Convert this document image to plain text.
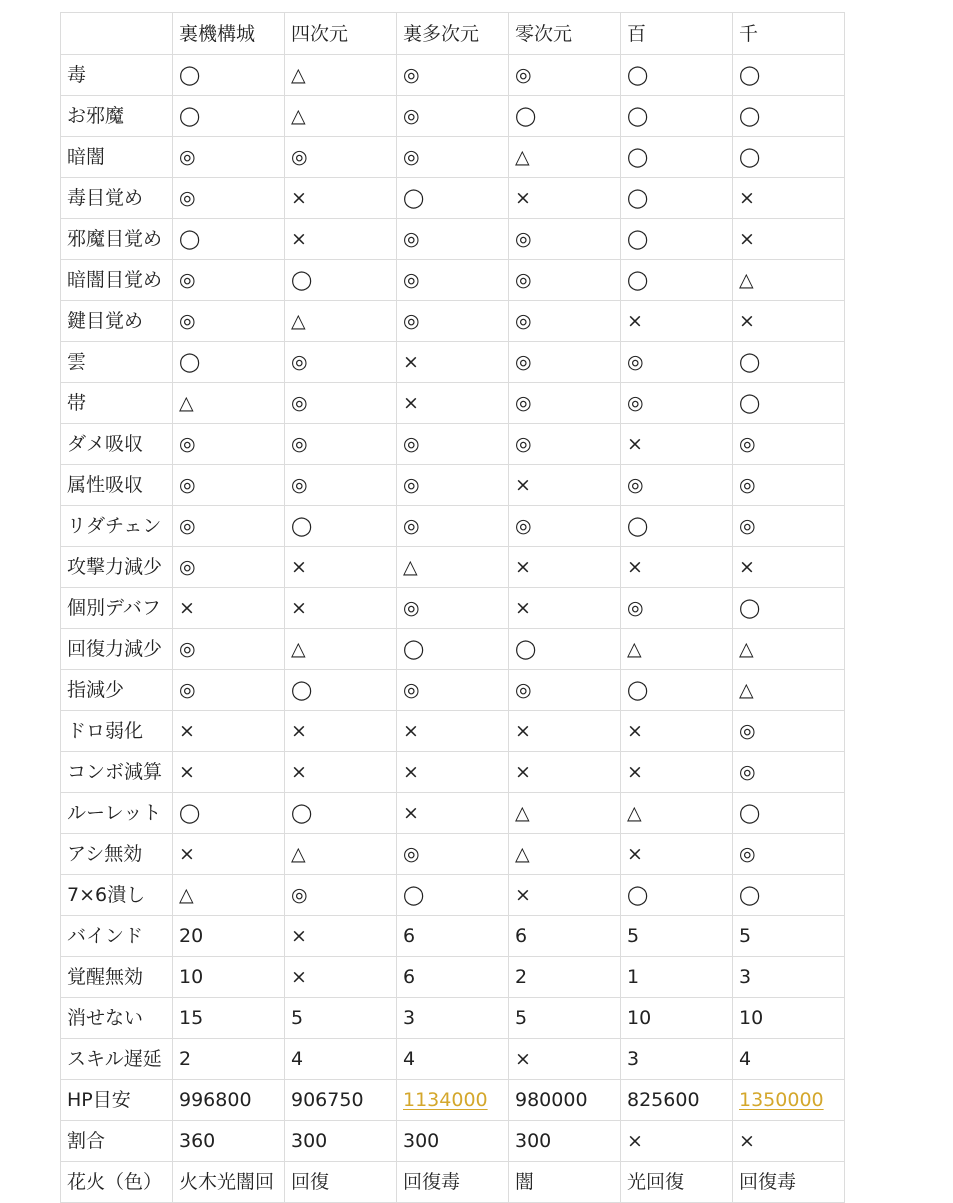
	裏機構城	四次元	裏多次元	零次元	百	千
毒	◯	△	◎	◎	◯	◯
お邪魔	◯	△	◎	◯	◯	◯
暗闇	◎	◎	◎	△	◯	◯
毒目覚め	◎	×	◯	×	◯	×
邪魔目覚め	◯	×	◎	◎	◯	×
暗闇目覚め	◎	◯	◎	◎	◯	△
鍵目覚め	◎	△	◎	◎	×	×
雲	◯	◎	×	◎	◎	◯
帯	△	◎	×	◎	◎	◯
ダメ吸収	◎	◎	◎	◎	×	◎
属性吸収	◎	◎	◎	×	◎	◎
リダチェン	◎	◯	◎	◎	◯	◎
攻撃力減少	◎	×	△	×	×	×
個別デバフ	×	×	◎	×	◎	◯
回復力減少	◎	△	◯	◯	△	△
指減少	◎	◯	◎	◎	◯	△
ドロ弱化	×	×	×	×	×	◎
コンボ減算	×	×	×	×	×	◎
ルーレット	◯	◯	×	△	△	◯
アシ無効	×	△	◎	△	×	◎
7×6潰し	△	◎	◯	×	◯	◯
バインド	20	×	6	6	5	5
覚醒無効	10	×	6	2	1	3
消せない	15	5	3	5	10	10
スキル遅延	2	4	4	×	3	4
HP目安	996800	906750	1134000	980000	825600	1350000
割合	360	300	300	300	×	×
花火（色）	火木光闇回	回復	回復毒	闇	光回復	回復毒
